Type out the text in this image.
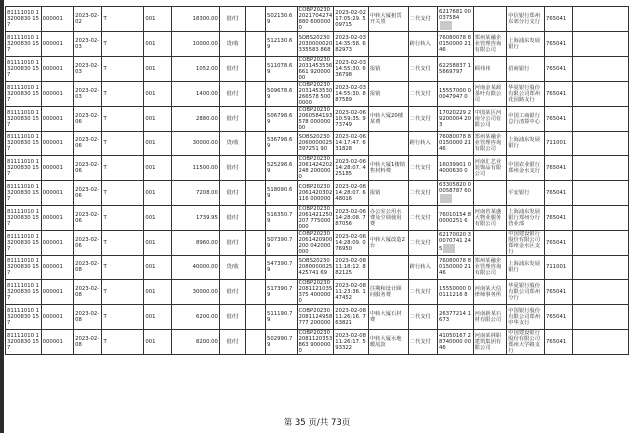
81111010 13200830 157	000001	2023-02-02	T	001	18300.00	借/付		502130.69	COBP202302021704274880 6000000	2023-02-02 17:05:29. 509715	中转大厦租赁开关票	二代支付	6217681 00037584		中信银行郑州东郊分行支行	765041	
81111010 13200830 157	000001	2023-02-03	T	001	10000.00	贷/收		512130.69	SOBS202302030000020335583 868	2023-02-03 14:35:58. 682973		跨行转入	76080078 80150000 2146	郑州某融企业管理咨询有限公司	上海浦东发展银行	765041	
81111010 13200830 157	000001	2023-02-03	T	001	1052.00	借/付		511078.69	COBP202302031453536661 92000000	2023-02-03 14:55:30. 636798	报销	二代支付	62258837 15669797	顾伟伟	招商银行	765041	
81111010 13200830 157	000001	2023-02-03	T	001	1400.00	借/付		509678.69	COBP202302031453530266578 5000000	2023-02-03 14:55:30. 887589	报销	二代支付	15557000 00047947 0	河南金某源茶叶有限公司	华夏银行股份有限公司郑州花园路支行	765041	
81111010 13200830 157	000001	2023-02-06	T	001	2880.00	借/付		506798.69	COBP202302060584193578 00000000	2023-02-06 10:59:35. 973749	中转大厦20楼某费	二代支付	17020229 29200004 203	中国某区河南分公司有限公司	中国工商银行总行清算中心	765041	
81111010 13200830 157	000001	2023-02-06	T	001	30000.00	贷/收		536798.69	SOBS202302060000025397251 90	2023-02-06 14:17:47. 631828		跨行转入	76080078 80150000 2146	郑州某融企业管理咨询有限公司	上海浦东发展银行	711001	
81111010 13200830 157	000001	2023-02-06	T	001	11500.00	借/付		525298.69	COBP202302061424202248 2000000	2023-02-06 14:28:07. 425185	中转大厦1楼销售材料费	二代支付	16039901 04000630 0	河南汇艺业装饰品有限公司	中国农业银行郑州金水支行	765041	
81111010 13200830 157	000001	2023-02-06	T	001	7208.00	借/付		518090.69	COBP202302061420302116 000000	2023-02-06 14:28:07. 648016	报销	二代支付	63305820 00058787 60		平安银行	765041	
81111010 13200830 157	000001	2023-02-06	T	001	1739.95	借/付		516350.79	COBP202302061421250207 775000000	2023-02-06 14:28:08. 787056	办公室公用水费及空调使用费	二代支付	76010154 80000251 6	河南省某盛大物业服务有限公司	上海浦东发展银行郑州分行营业部	765041	
81111010 13200830 157	000001	2023-02-06	T	001	8960.00	借/付		507390.79	COBP202302061420900200 042000000	2023-02-06 14:28:09. 076950	中转大厦改造2台	二代支付	62170020 30070741 245		中国建设银行股份有限公司郑州金水区支行	765041	
81111010 13200830 157	000001	2023-02-08	T	001	40000.00	贷/收		547390.79	SOBS202302080000025425741 69	2023-02-08 11:18:12. 882125		跨行转入	76080078 80150000 2146	郑州某融企业管理咨询有限公司	上海浦东发展银行	711001	
81111010 13200830 157	000001	2023-02-08	T	001	30000.00	借/付		517390.79	COBP202302081121035375 4000000	2023-02-08 11:23:36. 147452	往期和设计顾问服务费	二代支付	15550000 00111216 8	河南某大信律师事务所	华夏银行股份有限公司郑州分行	765041	
81111010 13200830 157	000001	2023-02-08	T	001	6200.00	借/付		511190.79	COBP202302081124958777 200000	2023-02-08 11:26:16. 763821	中转大厦石材费	二代支付	26377214 1673	河南新某石材有限公司	中国银行股份有限公司郑州中华支行	765041	
81111010 13200830 157	000001	2023-02-08	T	001	8200.00	借/付		502990.79	COBP202302081120353863 9000000	2023-02-08 11:26:17. 593322	中转大厦水地暖尾款	二代支付	41050167 28740000 0046	河南某林职建筑集团有限公司	中国建设银行股份有限公司郑州大学路支行	765041	
第 35 页/共 73页
